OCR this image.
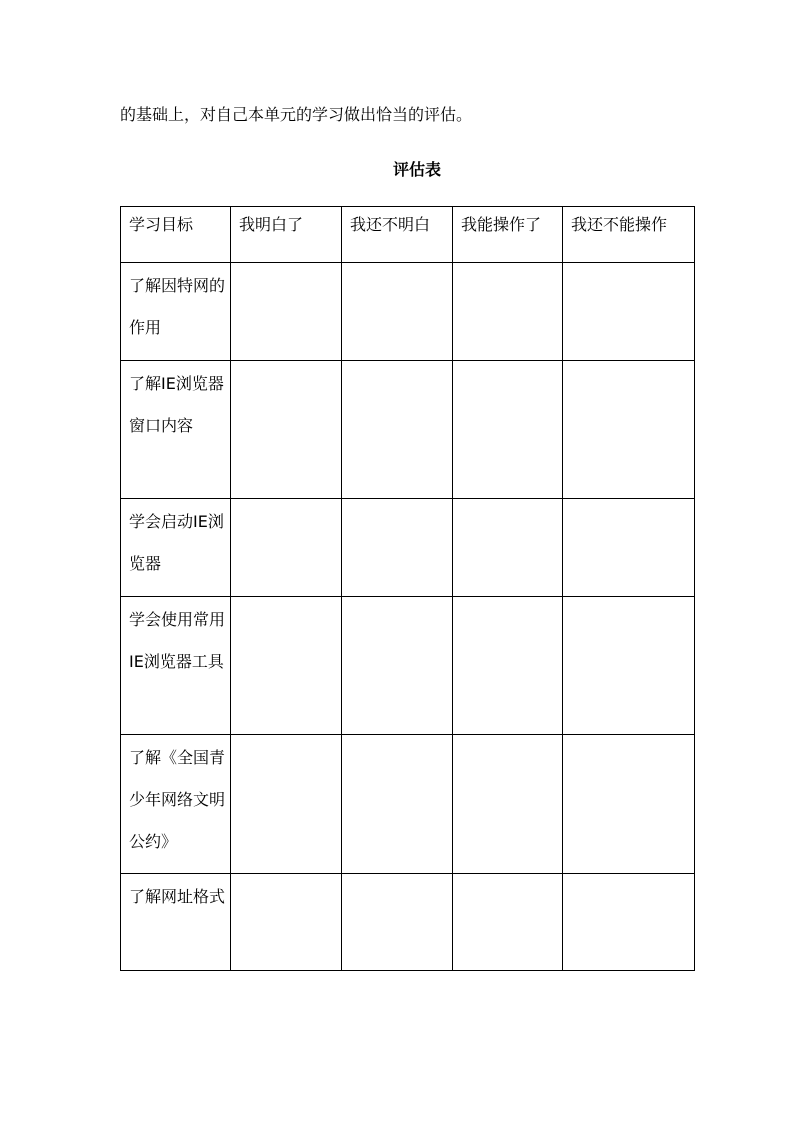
的基础上，对自己本单元的学习做出恰当的评估。
评估表
学习目标	我明白了	我还不明白	我能操作了	我还不能操作
了解因特网的作用				
了解IE浏览器窗口内容				
学会启动IE浏览器				
学会使用常用IE浏览器工具				
了解《全国青少年网络文明公约》				
了解网址格式				
